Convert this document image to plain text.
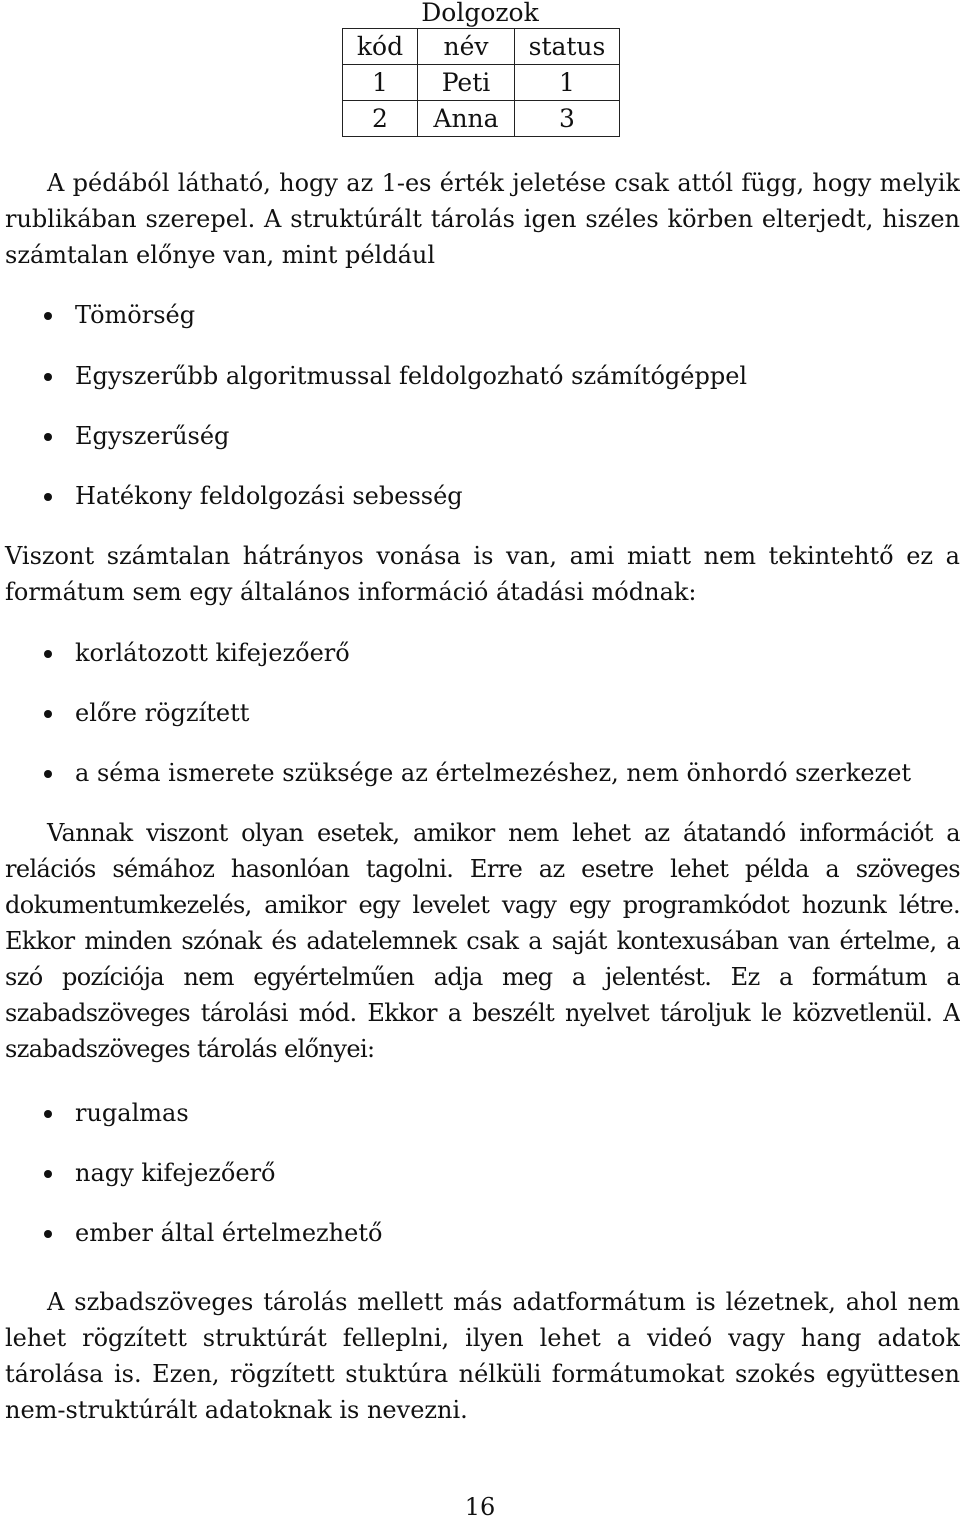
Dolgozok
kód	név	status
1	Peti	1
2	Anna	3
A pédából látható, hogy az 1-es érték jeletése csak attól függ, hogy melyik rublikában szerepel. A struktúrált tárolás igen széles körben elterjedt, hiszen számtalan előnye van, mint például
Tömörség
Egyszerűbb algoritmussal feldolgozható számítógéppel
Egyszerűség
Hatékony feldolgozási sebesség
Viszont számtalan hátrányos vonása is van, ami miatt nem tekintehtő ez a formátum sem egy általános információ átadási módnak:
korlátozott kifejezőerő
előre rögzített
a séma ismerete szüksége az értelmezéshez, nem önhordó szerkezet
Vannak viszont olyan esetek, amikor nem lehet az átatandó információt a relációs sémához hasonlóan tagolni. Erre az esetre lehet példa a szöveges dokumentumkezelés, amikor egy levelet vagy egy programkódot hozunk létre. Ekkor minden szónak és adatelemnek csak a saját kontexusában van értelme, a szó pozíciója nem egyértelműen adja meg a jelentést. Ez a formátum a szabadszöveges tárolási mód. Ekkor a beszélt nyelvet tároljuk le közvetlenül. A szabadszöveges tárolás előnyei:
rugalmas
nagy kifejezőerő
ember által értelmezhető
A szbadszöveges tárolás mellett más adatformátum is lézetnek, ahol nem lehet rögzített struktúrát felleplni, ilyen lehet a videó vagy hang adatok tárolása is. Ezen, rögzített stuktúra nélküli formátumokat szokés együttesen nem-struktúrált adatoknak is nevezni.
16
